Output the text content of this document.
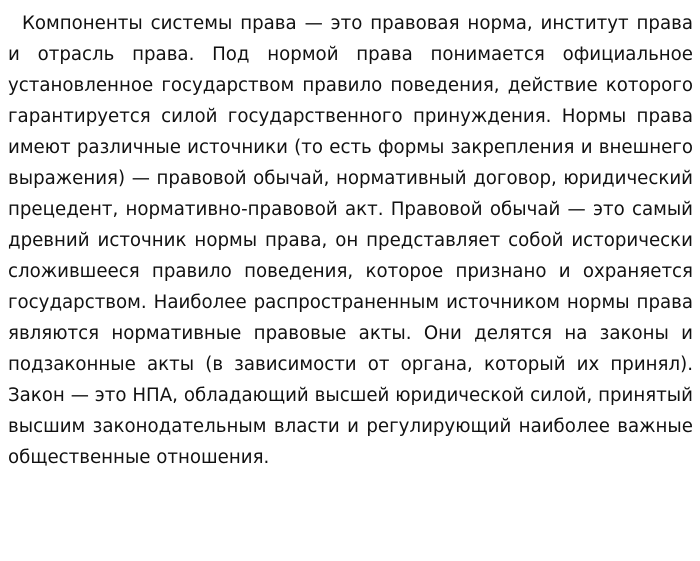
Компоненты системы права — это правовая норма, институт права и отрасль права. Под нормой права понимается официальное установленное государством правило поведения, действие которого гарантируется силой государственного принуждения. Нормы права имеют различные источники (то есть формы закрепления и внешнего выражения) — правовой обычай, нормативный договор, юридический прецедент, нормативно-правовой акт. Правовой обычай — это самый древний источник нормы права, он представляет собой исторически сложившееся правило поведения, которое признано и охраняется государством. Наиболее распространенным источником нормы права являются нормативные правовые акты. Они делятся на законы и подзаконные акты (в зависимости от органа, который их принял). Закон — это НПА, обладающий высшей юридической силой, принятый высшим законодательным власти и регулирующий наиболее важные общественные отношения.
